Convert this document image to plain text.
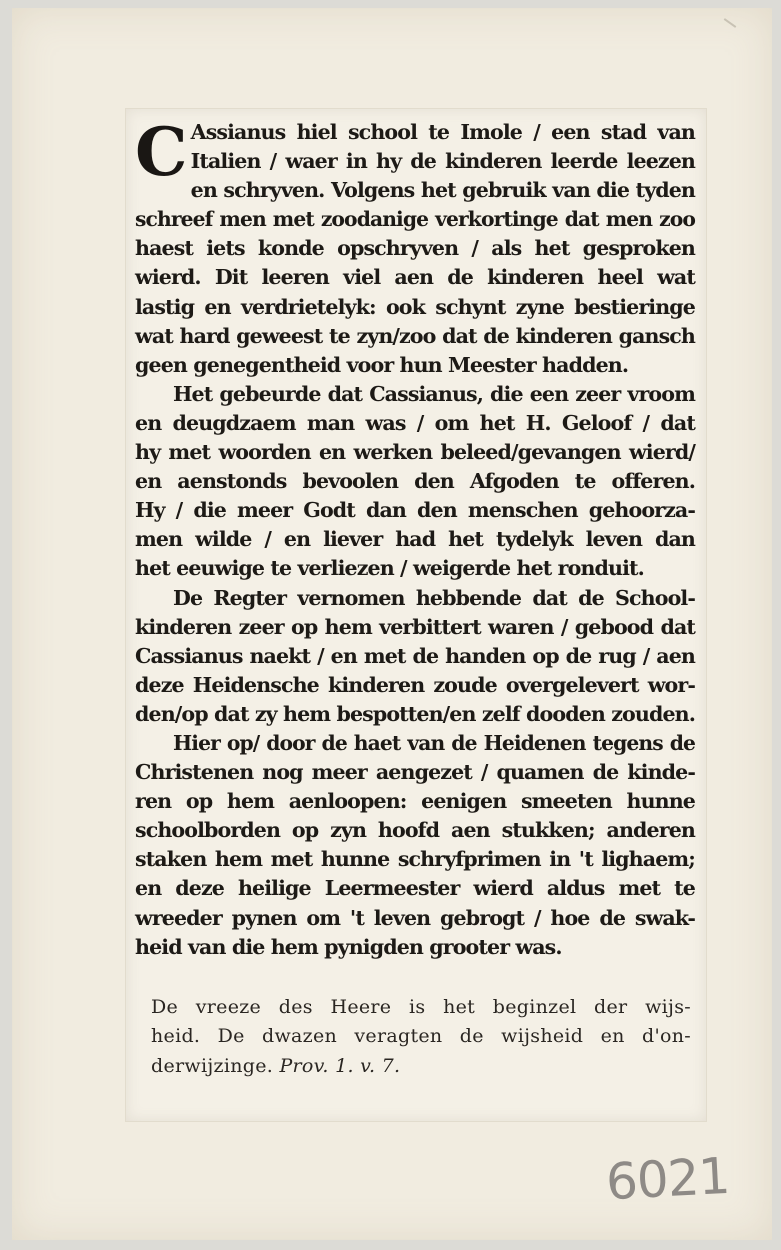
C Assianus hiel school te Imole / een stad van
Italien / waer in hy de kinderen leerde leezen
en schryven. Volgens het gebruik van die tyden
schreef men met zoodanige verkortinge dat men zoo
haest iets konde opschryven / als het gesproken
wierd. Dit leeren viel aen de kinderen heel wat
lastig en verdrietelyk: ook schynt zyne bestieringe
wat hard geweest te zyn/zoo dat de kinderen gansch
geen genegentheid voor hun Meester hadden.

Het gebeurde dat Cassianus, die een zeer vroom
en deugdzaem man was / om het H. Geloof / dat
hy met woorden en werken beleed/gevangen wierd/
en aenstonds bevoolen den Afgoden te offeren.
Hy / die meer Godt dan den menschen gehoorza-
men wilde / en liever had het tydelyk leven dan
het eeuwige te verliezen / weigerde het ronduit.

De Regter vernomen hebbende dat de School-
kinderen zeer op hem verbittert waren / gebood dat
Cassianus naekt / en met de handen op de rug / aen
deze Heidensche kinderen zoude overgelevert wor-
den/op dat zy hem bespotten/en zelf dooden zouden.

Hier op/ door de haet van de Heidenen tegens de
Christenen nog meer aengezet / quamen de kinde-
ren op hem aenloopen: eenigen smeeten hunne
schoolborden op zyn hoofd aen stukken; anderen
staken hem met hunne schryfprimen in 't lighaem;
en deze heilige Leermeester wierd aldus met te
wreeder pynen om 't leven gebrogt / hoe de swak-
heid van die hem pynigden grooter was.

De vreeze des Heere is het beginzel der wijs-
heid. De dwazen veragten de wijsheid en d'on-
derwijzinge. Prov. 1. v. 7.
6021
